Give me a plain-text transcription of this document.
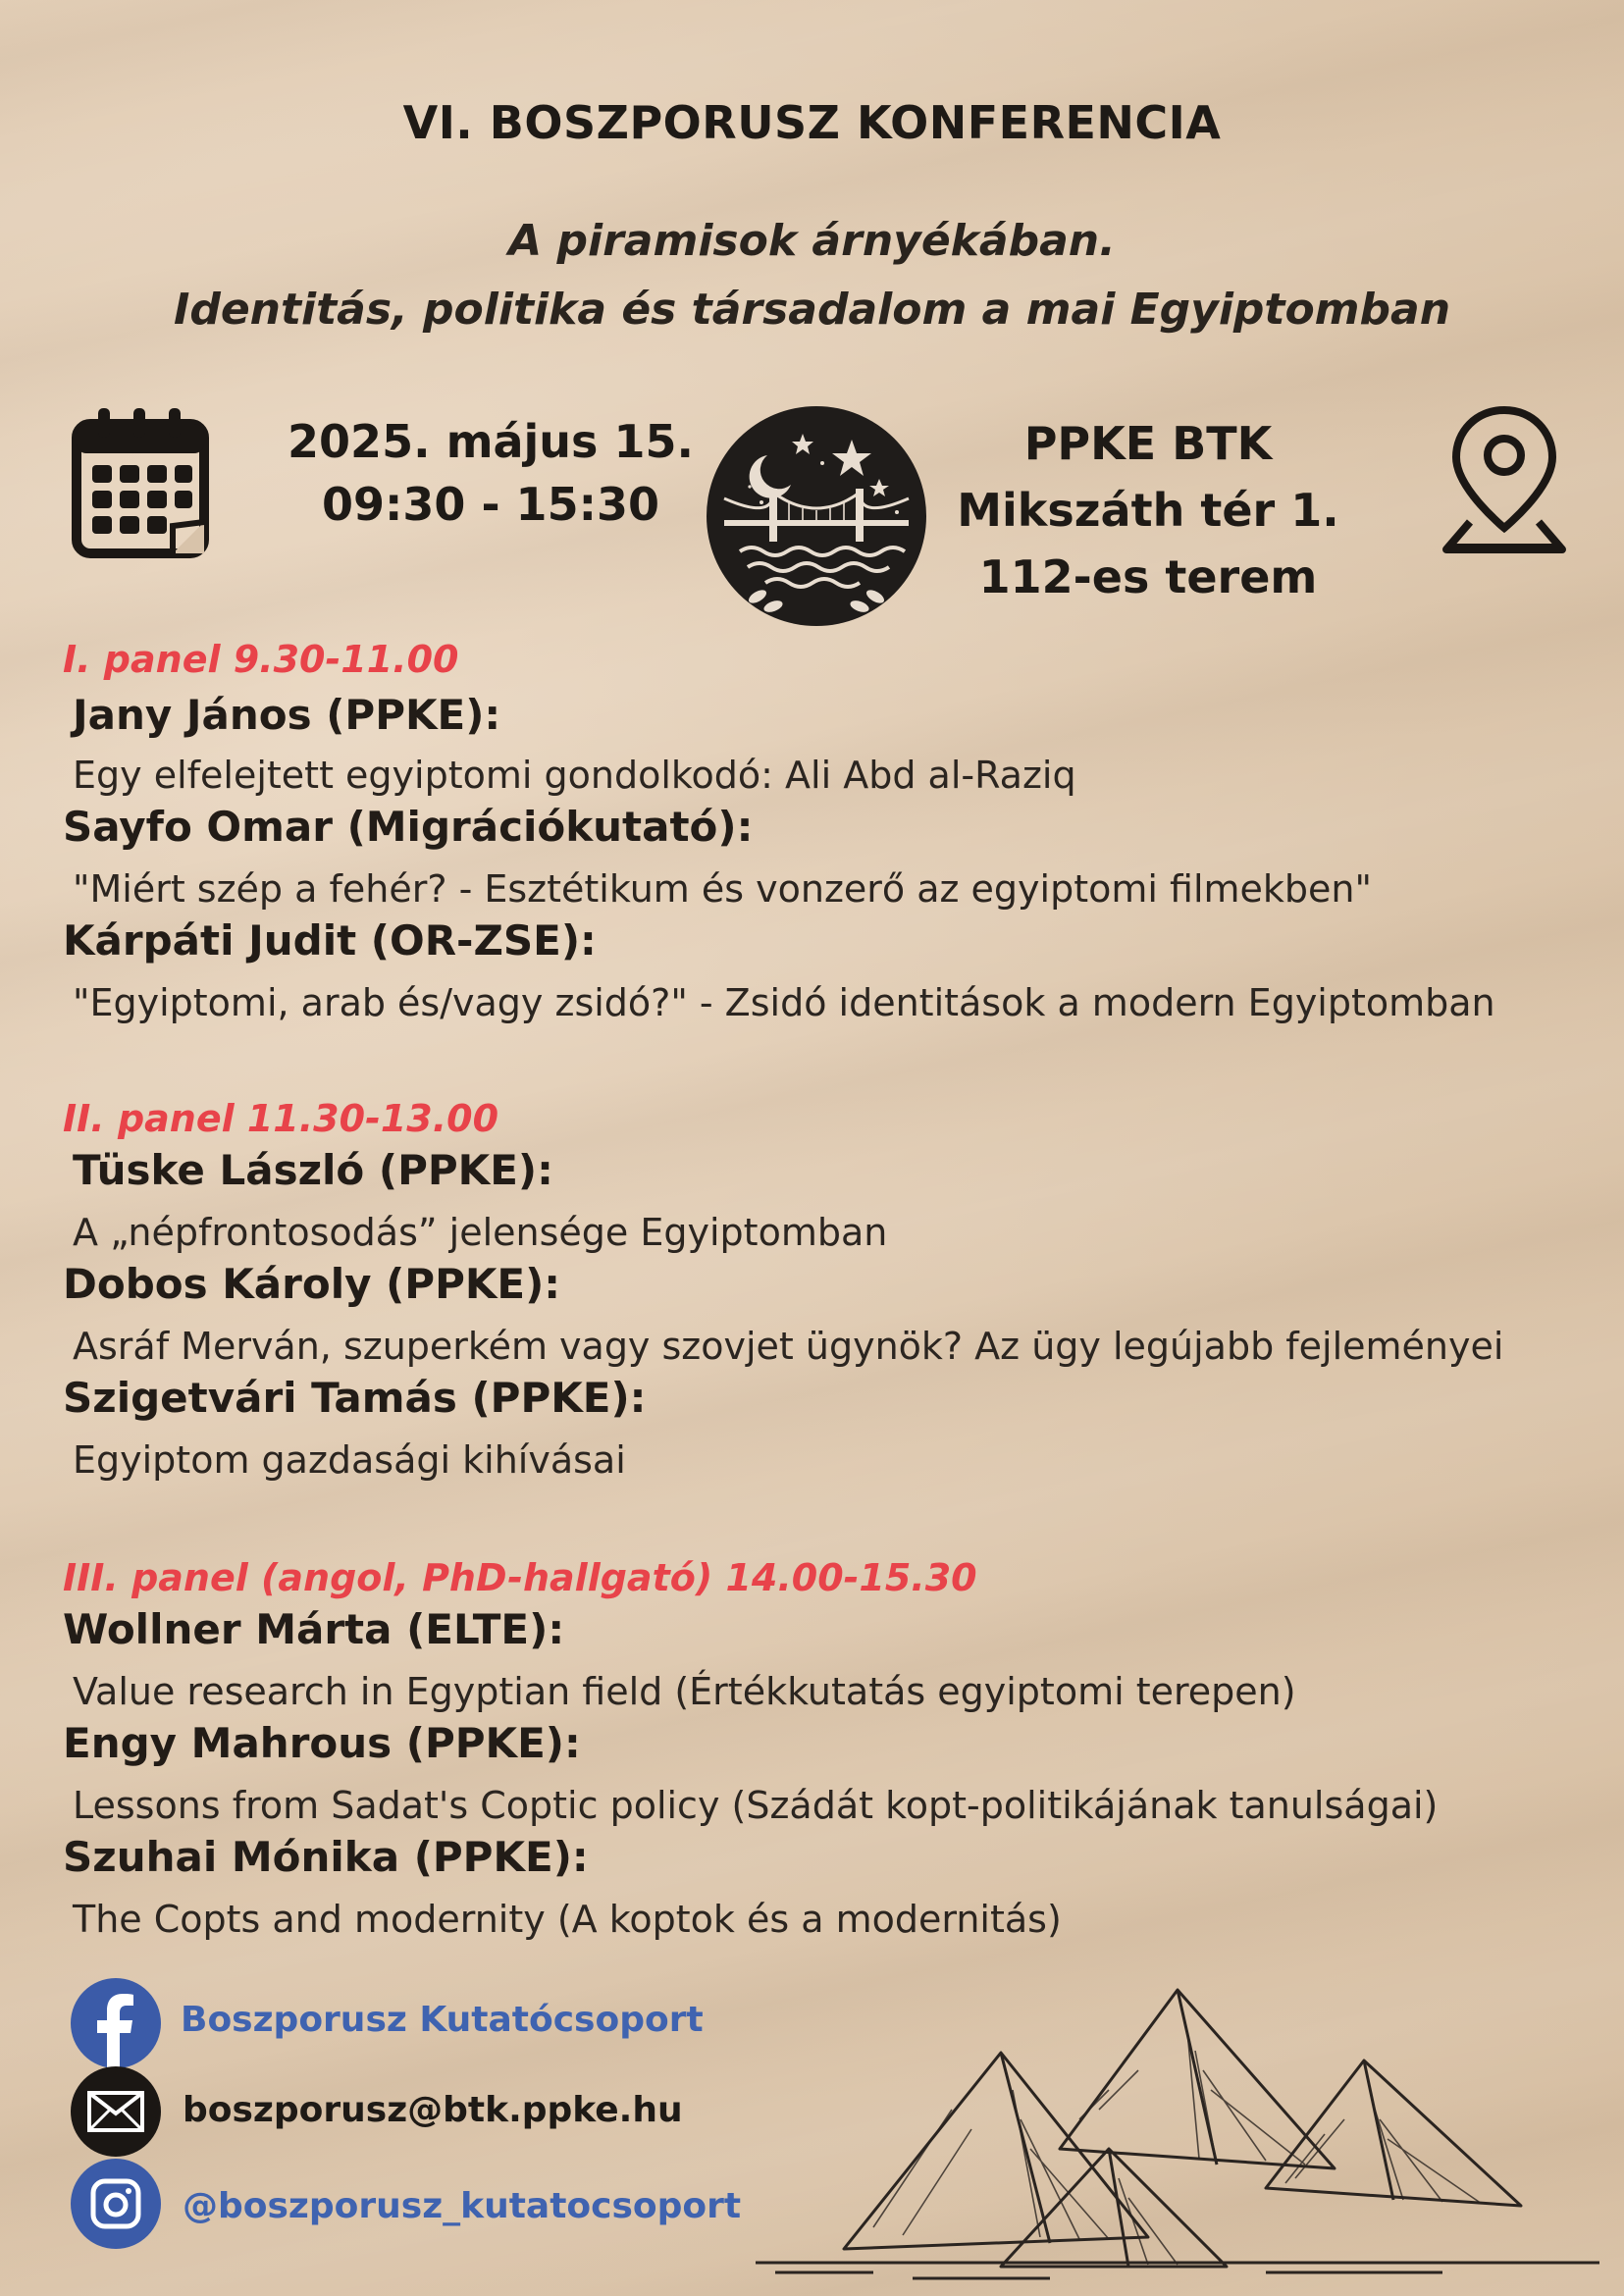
VI. BOSZPORUSZ KONFERENCIA
A piramisok árnyékában.
Identitás, politika és társadalom a mai Egyiptomban
2025. május 15.
09:30 - 15:30
PPKE BTK
Mikszáth tér 1.
112-es terem
I. panel 9.30-11.00
Jany János (PPKE):
Egy elfelejtett egyiptomi gondolkodó: Ali Abd al-Raziq
Sayfo Omar (Migrációkutató):
"Miért szép a fehér? - Esztétikum és vonzerő az egyiptomi filmekben"
Kárpáti Judit (OR-ZSE):
"Egyiptomi, arab és/vagy zsidó?" - Zsidó identitások a modern Egyiptomban
II. panel 11.30-13.00
Tüske László (PPKE):
A „népfrontosodás” jelensége Egyiptomban
Dobos Károly (PPKE):
Asráf Merván, szuperkém vagy szovjet ügynök? Az ügy legújabb fejleményei
Szigetvári Tamás (PPKE):
Egyiptom gazdasági kihívásai
III. panel (angol, PhD-hallgató) 14.00-15.30
Wollner Márta (ELTE):
Value research in Egyptian field (Értékkutatás egyiptomi terepen)
Engy Mahrous (PPKE):
Lessons from Sadat's Coptic policy (Szádát kopt-politikájának tanulságai)
Szuhai Mónika (PPKE):
The Copts and modernity (A koptok és a modernitás)
Boszporusz Kutatócsoport
boszporusz@btk.ppke.hu
@boszporusz_kutatocsoport
